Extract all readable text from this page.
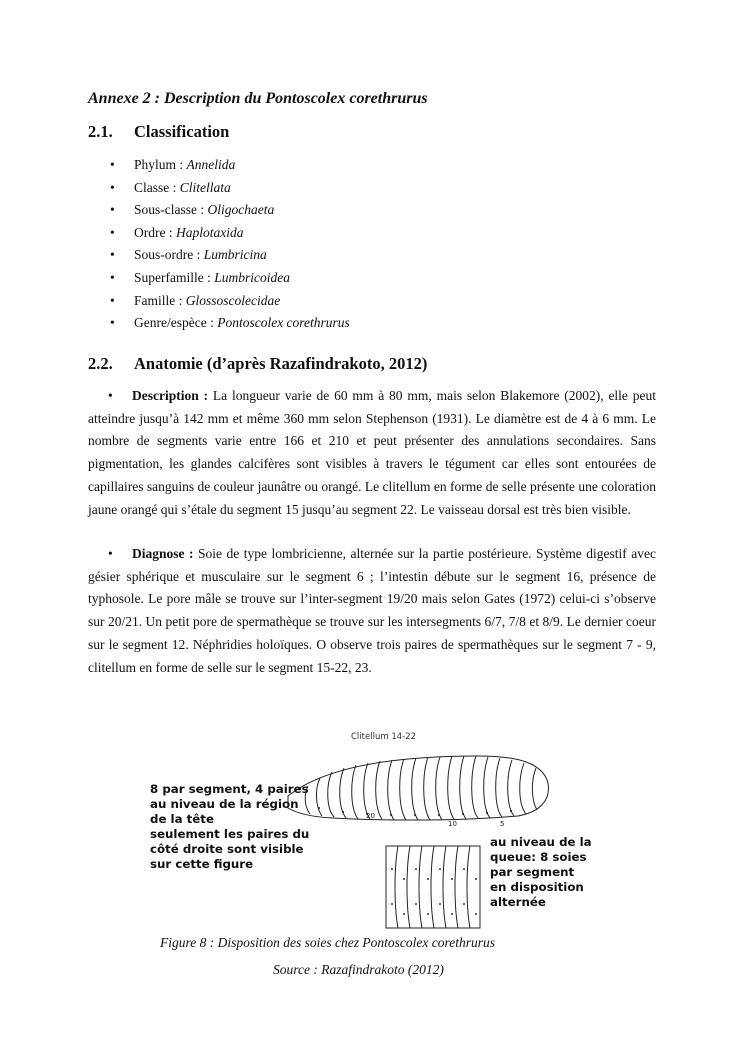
Annexe 2 : Description du Pontoscolex corethrurus
2.1. Classification
• Phylum : Annelida
• Classe : Clitellata
• Sous-classe : Oligochaeta
• Ordre : Haplotaxida
• Sous-ordre : Lumbricina
• Superfamille : Lumbricoidea
• Famille : Glossoscolecidae
• Genre/espèce : Pontoscolex corethrurus
2.2. Anatomie (d’après Razafindrakoto, 2012)

• Description : La longueur varie de 60 mm à 80 mm, mais selon Blakemore (2002), elle peut atteindre jusqu’à 142 mm et même 360 mm selon Stephenson (1931). Le diamètre est de 4 à 6 mm. Le nombre de segments varie entre 166 et 210 et peut présenter des annulations secondaires. Sans pigmentation, les glandes calcifères sont visibles à travers le tégument car elles sont entourées de capillaires sanguins de couleur jaunâtre ou orangé. Le clitellum en forme de selle présente une coloration jaune orangé qui s’étale du segment 15 jusqu’au segment 22. Le vaisseau dorsal est très bien visible.

• Diagnose : Soie de type lombricienne, alternée sur la partie postérieure. Système digestif avec gésier sphérique et musculaire sur le segment 6 ; l’intestin débute sur le segment 16, présence de typhosole. Le pore mâle se trouve sur l’inter-segment 19/20 mais selon Gates (1972) celui-ci s’observe sur 20/21. Un petit pore de spermathèque se trouve sur les intersegments 6/7, 7/8 et 8/9. Le dernier coeur sur le segment 12. Néphridies holoïques. O observe trois paires de spermathèques sur le segment 7 - 9, clitellum en forme de selle sur le segment 15-22, 23.

Clitellum 14-22
20
10	5
8 par segment, 4 paires
au niveau de la région
de la tête
seulement les paires du
côté droite sont visible
sur cette figure
au niveau de la
queue: 8 soies
par segment
en disposition
alternée

Figure 8 : Disposition des soies chez Pontoscolex corethrurus

Source : Razafindrakoto (2012)
